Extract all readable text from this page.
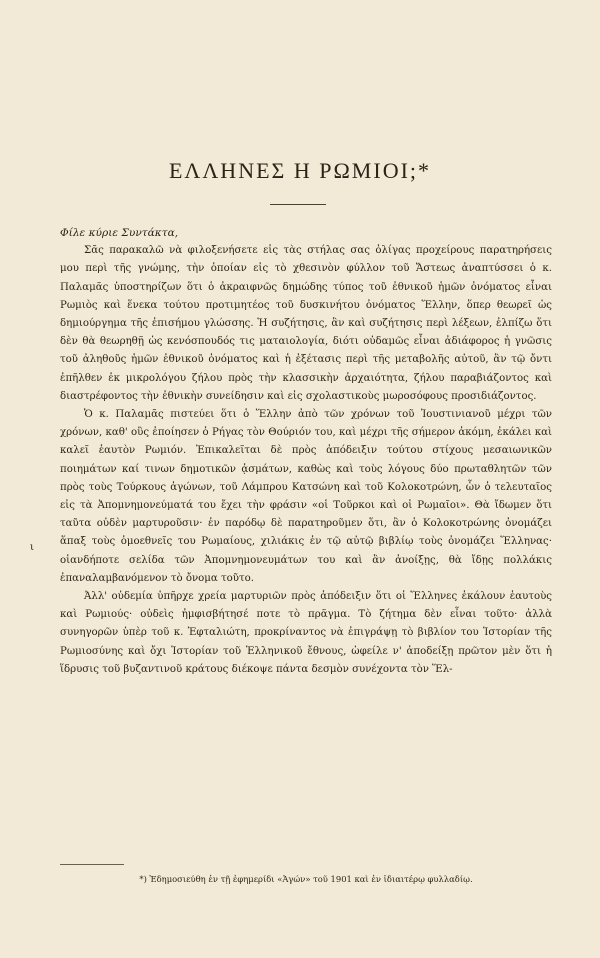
ΕΛΛΗΝΕΣ Η ΡΩΜΙΟΙ;*

Φίλε κύριε Συντάκτα,

Σᾶς παρακαλῶ νὰ φιλοξενήσετε εἰς τὰς στήλας σας ὀλίγας προχείρους παρατηρήσεις μου περὶ τῆς γνώμης, τὴν ὁποίαν εἰς τὸ χθεσινὸν φύλλον τοῦ Ἄστεως ἀναπτύσσει ὁ κ. Παλαμᾶς ὑποστηρίζων ὅτι ὁ ἀκραιφνῶς δημώδης τύπος τοῦ ἐθνικοῦ ἡμῶν ὀνόματος εἶναι Ρωμιὸς καὶ ἕνεκα τούτου προτιμητέος τοῦ δυσκινήτου ὀνόματος Ἕλλην, ὅπερ θεωρεῖ ὡς δημιούργημα τῆς ἐπισήμου γλώσσης. Ἡ συζήτησις, ἂν καὶ συζήτησις περὶ λέξεων, ἐλπίζω ὅτι δὲν θὰ θεωρηθῇ ὡς κενόσπουδός τις ματαιολογία, διότι οὐδαμῶς εἶναι ἀδιάφορος ἡ γνῶσις τοῦ ἀληθοῦς ἡμῶν ἐθνικοῦ ὀνόματος καὶ ἡ ἐξέτασις περὶ τῆς μεταβολῆς αὐτοῦ, ἂν τῷ ὄντι ἐπῆλθεν ἐκ μικρολόγου ζήλου πρὸς τὴν κλασσικὴν ἀρχαιότητα, ζήλου παραβιάζοντος καὶ διαστρέφοντος τὴν ἐθνικὴν συνείδησιν καὶ εἰς σχολαστικοὺς μωροσόφους προσιδιάζοντος.

Ὁ κ. Παλαμᾶς πιστεύει ὅτι ὁ Ἕλλην ἀπὸ τῶν χρόνων τοῦ Ἰουστινιανοῦ μέχρι τῶν χρόνων, καθ' οὓς ἐποίησεν ὁ Ρήγας τὸν Θούριόν του, καὶ μέχρι τῆς σήμερον ἀκόμη, ἐκάλει καὶ καλεῖ ἑαυτὸν Ρωμιόν. Ἐπικαλεῖται δὲ πρὸς ἀπόδειξιν τούτου στίχους μεσαιωνικῶν ποιημάτων καί τινων δημοτικῶν ᾀσμάτων, καθὼς καὶ τοὺς λόγους δύο πρωταθλητῶν τῶν πρὸς τοὺς Τούρκους ἀγώνων, τοῦ Λάμπρου Κατσώνη καὶ τοῦ Κολοκοτρώνη, ὧν ὁ τελευταῖος εἰς τὰ Ἀπομνημονεύματά του ἔχει τὴν φράσιν «οἱ Τοῦρκοι καὶ οἱ Ρωμαῖοι». Θὰ ἴδωμεν ὅτι ταῦτα οὐδὲν μαρτυροῦσιν· ἐν παρόδῳ δὲ παρατηροῦμεν ὅτι, ἂν ὁ Κολοκοτρώνης ὀνομάζει ἅπαξ τοὺς ὁμοεθνεῖς του Ρωμαίους, χιλιάκις ἐν τῷ αὐτῷ βιβλίῳ τοὺς ὀνομάζει Ἕλληνας· οἱανδήποτε σελίδα τῶν Ἀπομνημονευμάτων του καὶ ἂν ἀνοίξῃς, θὰ ἴδῃς πολλάκις ἐπαναλαμβανόμενον τὸ ὄνομα τοῦτο.

Ἀλλ' οὐδεμία ὑπῆρχε χρεία μαρτυριῶν πρὸς ἀπόδειξιν ὅτι οἱ Ἕλληνες ἐκάλουν ἑαυτοὺς καὶ Ρωμιούς· οὐδεὶς ἠμφισβήτησέ ποτε τὸ πρᾶγμα. Τὸ ζήτημα δὲν εἶναι τοῦτο· ἀλλὰ συνηγορῶν ὑπὲρ τοῦ κ. Ἐφταλιώτη, προκρίναντος νὰ ἐπιγράψῃ τὸ βιβλίον του Ἱστορίαν τῆς Ρωμιοσύνης καὶ ὄχι Ἱστορίαν τοῦ Ἑλληνικοῦ ἔθνους, ὠφείλε ν' ἀποδείξῃ πρῶτον μὲν ὅτι ἡ ἵδρυσις τοῦ βυζαντινοῦ κράτους διέκοψε πάντα δεσμὸν συνέχοντα τὸν Ἕλ-

ι
*) Ἐδημοσιεύθη ἐν τῇ ἐφημερίδι «Ἀγών» τοῦ 1901 καὶ ἐν ἰδιαιτέρῳ φυλλαδίῳ.
